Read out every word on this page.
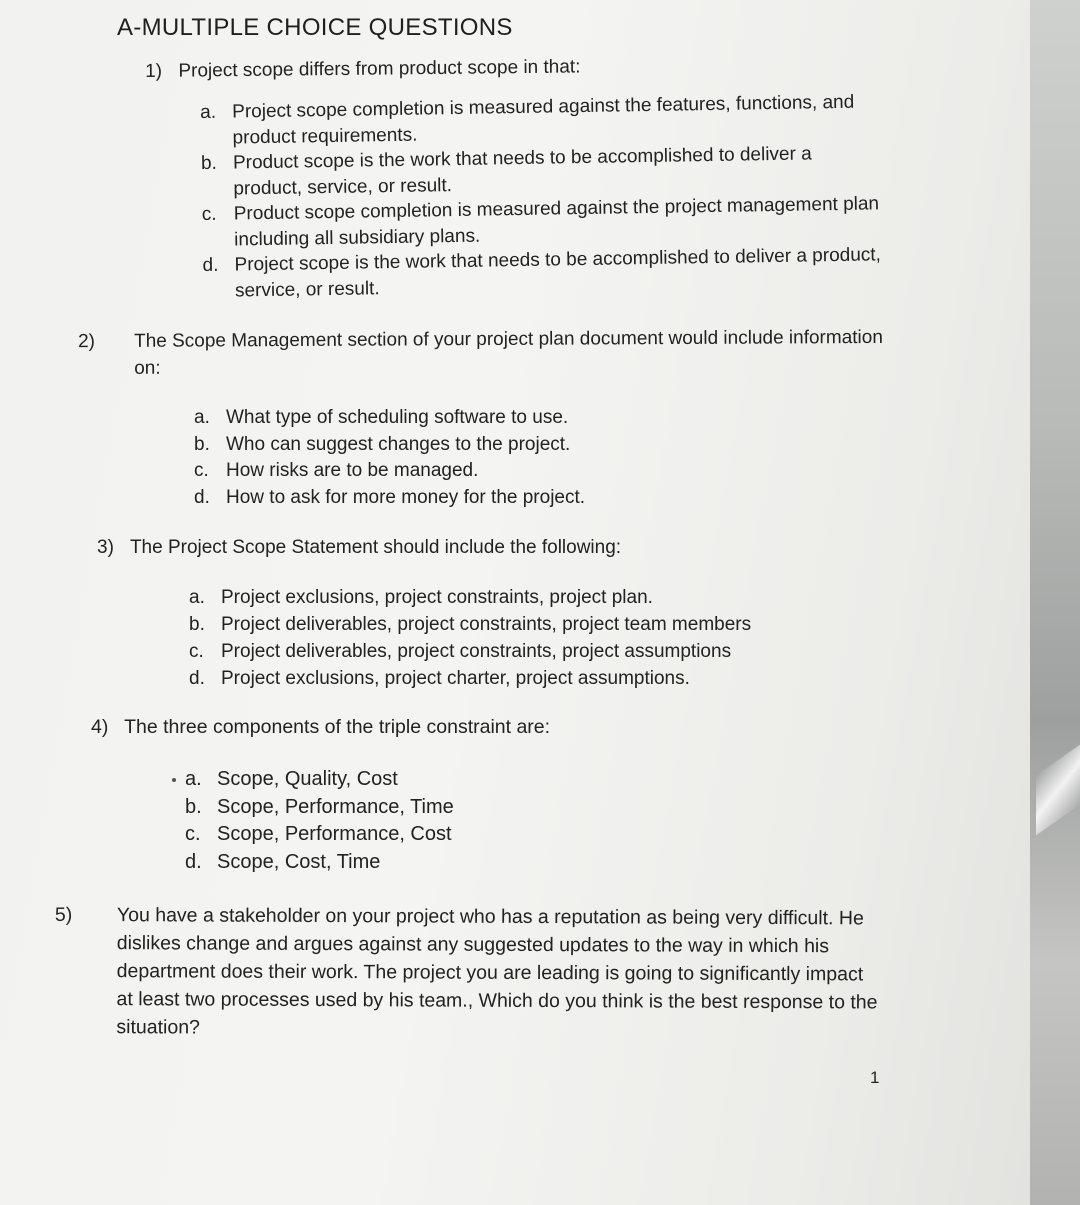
A-MULTIPLE CHOICE QUESTIONS
1) Project scope differs from product scope in that:
a. Project scope completion is measured against the features, functions, and product requirements.
b. Product scope is the work that needs to be accomplished to deliver a product, service, or result.
c. Product scope completion is measured against the project management plan including all subsidiary plans.
d. Project scope is the work that needs to be accomplished to deliver a product, service, or result.
2) The Scope Management section of your project plan document would include information on:
a. What type of scheduling software to use.
b. Who can suggest changes to the project.
c. How risks are to be managed.
d. How to ask for more money for the project.
3) The Project Scope Statement should include the following:
a. Project exclusions, project constraints, project plan.
b. Project deliverables, project constraints, project team members
c. Project deliverables, project constraints, project assumptions
d. Project exclusions, project charter, project assumptions.
4) The three components of the triple constraint are:
a. Scope, Quality, Cost
b. Scope, Performance, Time
c. Scope, Performance, Cost
d. Scope, Cost, Time
5) You have a stakeholder on your project who has a reputation as being very difficult. He dislikes change and argues against any suggested updates to the way in which his department does their work. The project you are leading is going to significantly impact at least two processes used by his team., Which do you think is the best response to the situation?
1
